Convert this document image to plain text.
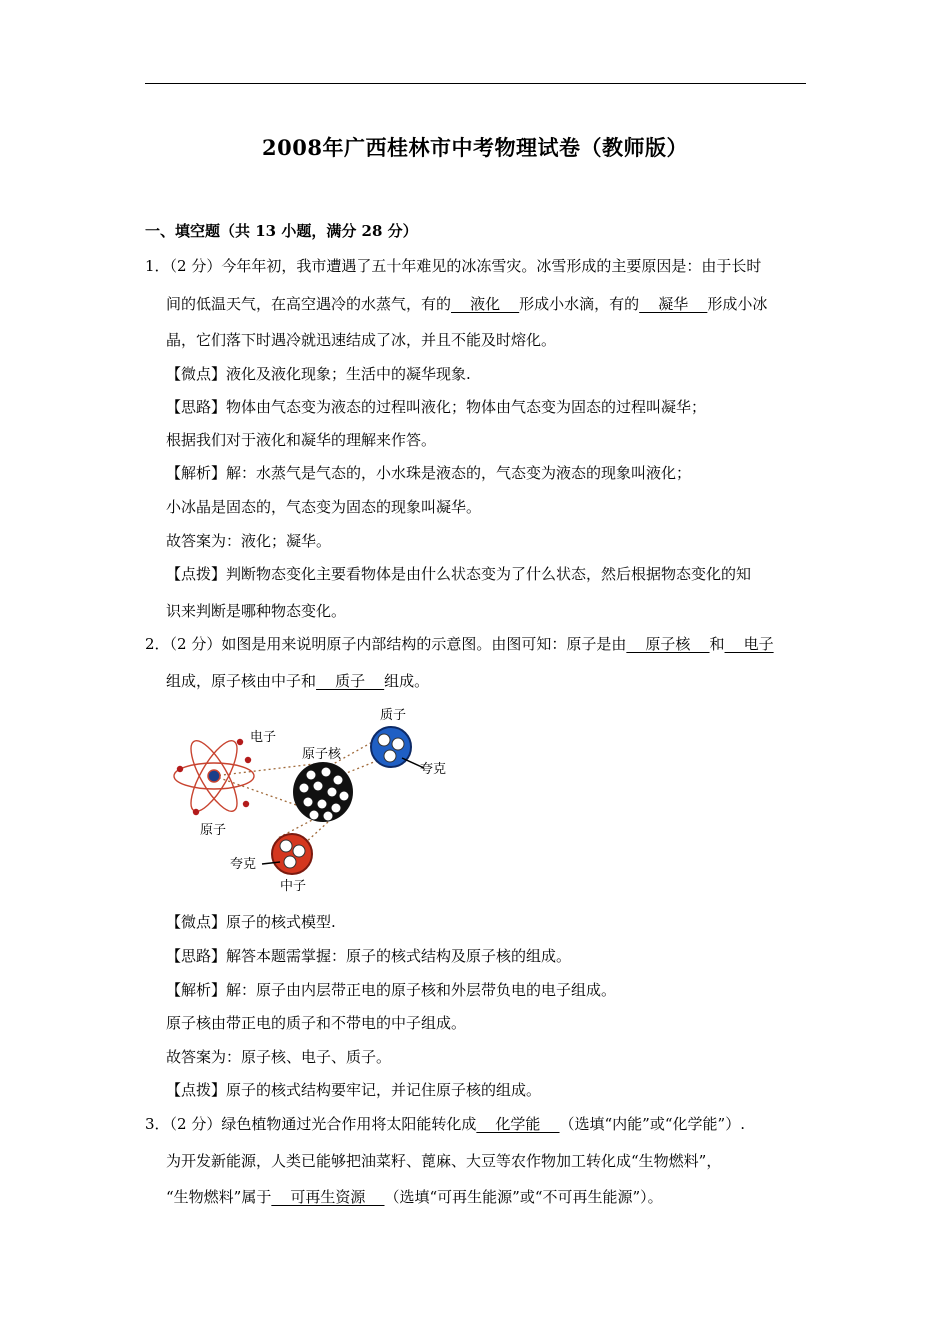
2008年广西桂林市中考物理试卷（教师版）
一、填空题（共 13 小题，满分 28 分）
1．（2 分）今年年初，我市遭遇了五十年难见的冰冻雪灾。冰雪形成的主要原因是：由于长时
间的低温天气，在高空遇冷的水蒸气，有的    液化    形成小水滴，有的    凝华    形成小冰
晶，它们落下时遇冷就迅速结成了冰，并且不能及时熔化。
【微点】液化及液化现象；生活中的凝华现象.
【思路】物体由气态变为液态的过程叫液化；物体由气态变为固态的过程叫凝华；
根据我们对于液化和凝华的理解来作答。
【解析】解：水蒸气是气态的，小水珠是液态的，气态变为液态的现象叫液化；
小冰晶是固态的，气态变为固态的现象叫凝华。
故答案为：液化；凝华。
【点拨】判断物态变化主要看物体是由什么状态变为了什么状态，然后根据物态变化的知
识来判断是哪种物态变化。
2．（2 分）如图是用来说明原子内部结构的示意图。由图可知：原子是由    原子核    和    电子
组成，原子核由中子和    质子    组成。
电子
原子核
质子
夸克
原子
夸克
中子
【微点】原子的核式模型.
【思路】解答本题需掌握：原子的核式结构及原子核的组成。
【解析】解：原子由内层带正电的原子核和外层带负电的电子组成。
原子核由带正电的质子和不带电的中子组成。
故答案为：原子核、电子、质子。
【点拨】原子的核式结构要牢记，并记住原子核的组成。
3．（2 分）绿色植物通过光合作用将太阳能转化成    化学能    （选填“内能”或“化学能”）.
为开发新能源，人类已能够把油菜籽、蓖麻、大豆等农作物加工转化成“生物燃料”，
“生物燃料”属于    可再生资源    （选填“可再生能源”或“不可再生能源”）。
